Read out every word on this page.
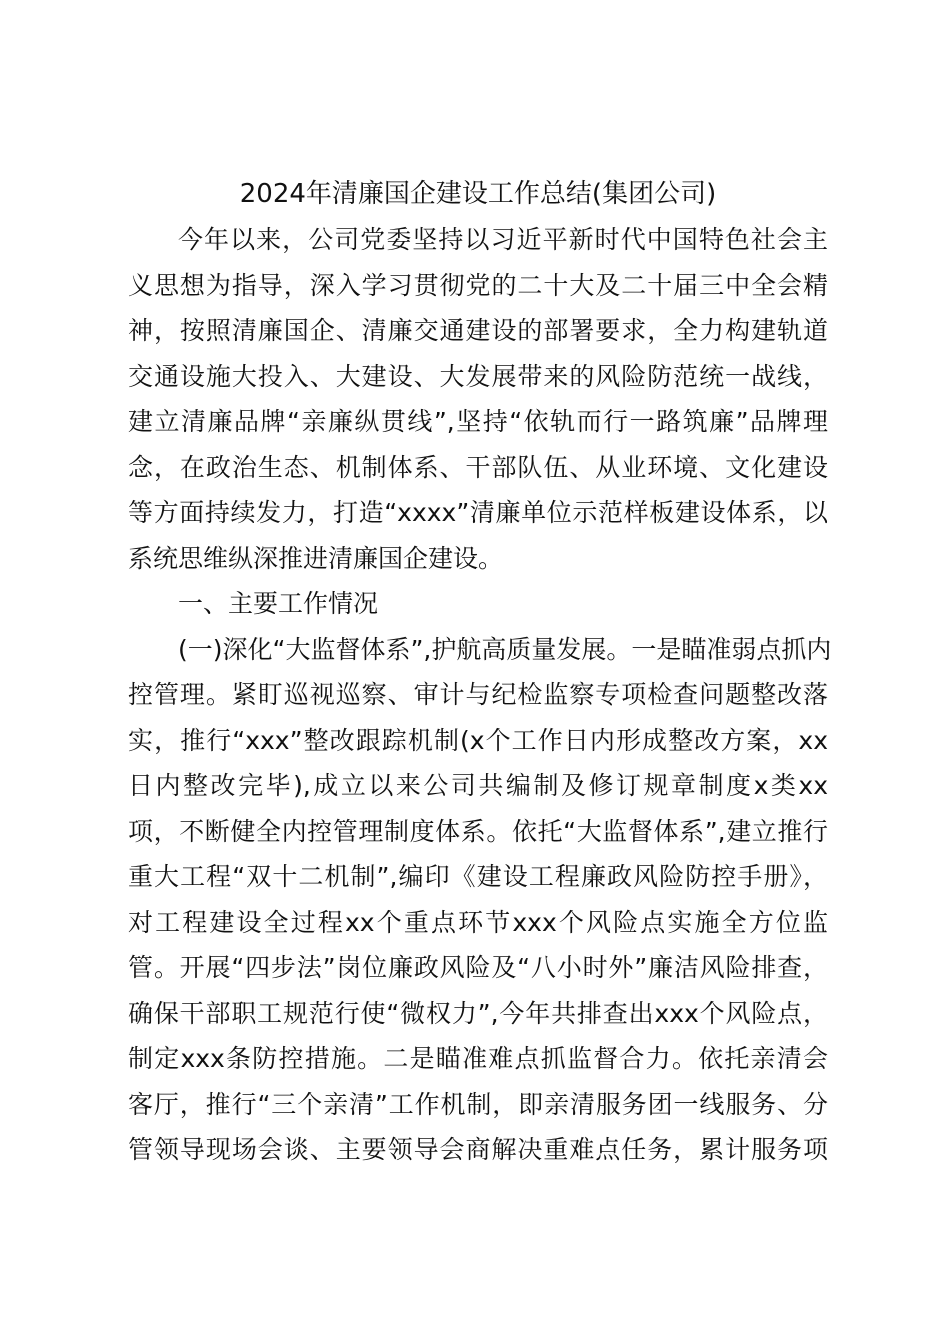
2024年清廉国企建设工作总结(集团公司)
今年以来，公司党委坚持以习近平新时代中国特色社会主
义思想为指导，深入学习贯彻党的二十大及二十届三中全会精
神，按照清廉国企、清廉交通建设的部署要求，全力构建轨道
交通设施大投入、大建设、大发展带来的风险防范统一战线，
建立清廉品牌“亲廉纵贯线”,坚持“依轨而行一路筑廉”品牌理
念，在政治生态、机制体系、干部队伍、从业环境、文化建设
等方面持续发力，打造“xxxx”清廉单位示范样板建设体系，以
系统思维纵深推进清廉国企建设。
一、主要工作情况
(一)深化“大监督体系”,护航高质量发展。一是瞄准弱点抓内
控管理。紧盯巡视巡察、审计与纪检监察专项检查问题整改落
实，推行“xxx”整改跟踪机制(x个工作日内形成整改方案，xx
日内整改完毕),成立以来公司共编制及修订规章制度x类xx
项，不断健全内控管理制度体系。依托“大监督体系”,建立推行
重大工程“双十二机制”,编印《建设工程廉政风险防控手册》，
对工程建设全过程xx个重点环节xxx个风险点实施全方位监
管。开展“四步法”岗位廉政风险及“八小时外”廉洁风险排查，
确保干部职工规范行使“微权力”,今年共排查出xxx个风险点，
制定xxx条防控措施。二是瞄准难点抓监督合力。依托亲清会
客厅，推行“三个亲清”工作机制，即亲清服务团一线服务、分
管领导现场会谈、主要领导会商解决重难点任务，累计服务项
